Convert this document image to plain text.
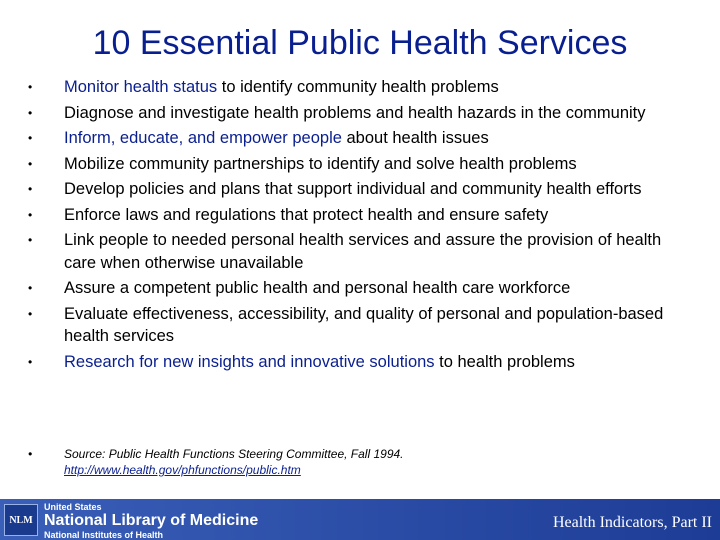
10 Essential Public Health Services
•	Monitor health status to identify community health problems
•	Diagnose and investigate health problems and health hazards in the community
•	Inform, educate, and empower people about health issues
•	Mobilize community partnerships to identify and solve health problems
•	Develop policies and plans that support individual and community health efforts
•	Enforce laws and regulations that protect health and ensure safety
•	Link people to needed personal health services and assure the provision of health care when otherwise unavailable
•	Assure a competent public health and personal health care workforce
•	Evaluate effectiveness, accessibility, and quality of personal and population-based health services
•	Research for new insights and innovative solutions to health problems
•	Source: Public Health Functions Steering Committee, Fall 1994.
http://www.health.gov/phfunctions/public.htm
NLM
United States
National Library of Medicine
National Institutes of Health
Health Indicators, Part II
